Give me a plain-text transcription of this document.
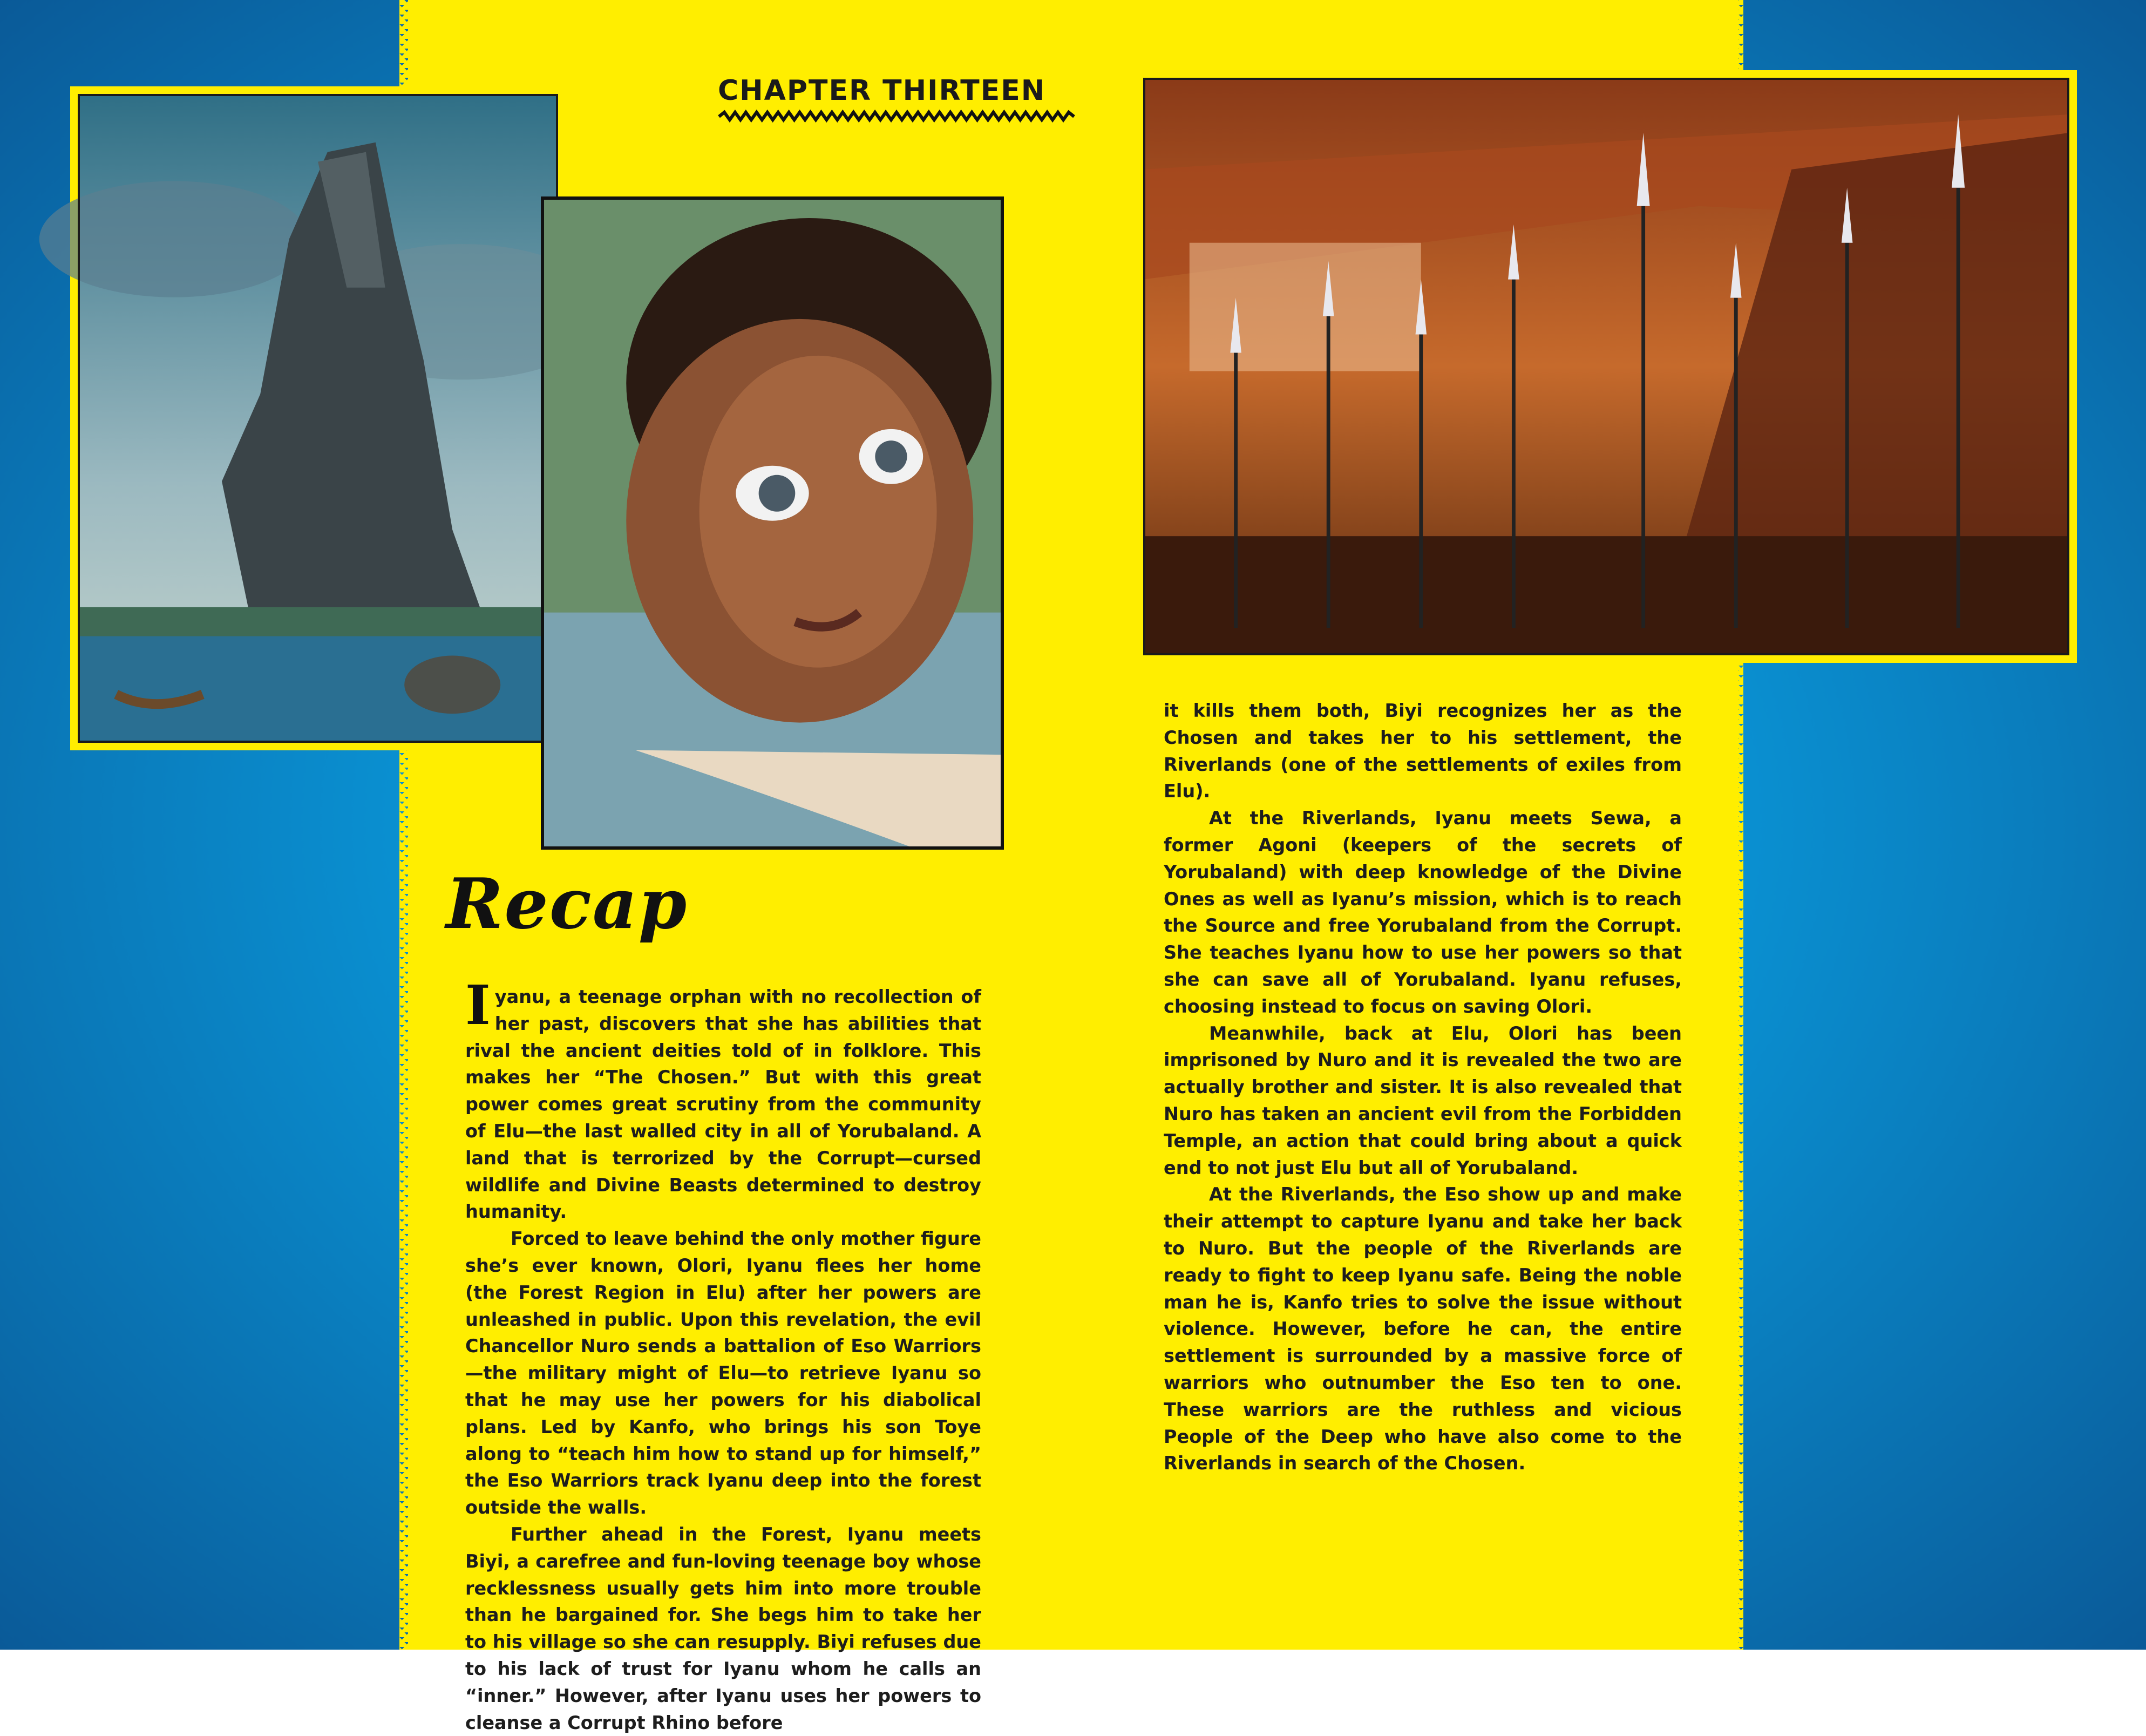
CHAPTER THIRTEEN
Recap

Iyanu, a teenage orphan with no recollection of her past, discovers that she has abilities that rival the ancient deities told of in folklore. This makes her “The Chosen.” But with this great power comes great scrutiny from the community of Elu—the last walled city in all of Yorubaland. A land that is terrorized by the Corrupt—cursed wildlife and Divine Beasts determined to destroy humanity.

Forced to leave behind the only mother figure she’s ever known, Olori, Iyanu flees her home (the Forest Region in Elu) after her powers are unleashed in public. Upon this revelation, the evil Chancellor Nuro sends a battalion of Eso Warriors—the military might of Elu—to retrieve Iyanu so that he may use her powers for his diabolical plans. Led by Kanfo, who brings his son Toye along to “teach him how to stand up for himself,” the Eso Warriors track Iyanu deep into the forest outside the walls.

Further ahead in the Forest, Iyanu meets Biyi, a carefree and fun-loving teenage boy whose recklessness usually gets him into more trouble than he bargained for. She begs him to take her to his village so she can resupply. Biyi refuses due to his lack of trust for Iyanu whom he calls an “inner.” However, after Iyanu uses her powers to cleanse a Corrupt Rhino before

it kills them both, Biyi recognizes her as the Chosen and takes her to his settlement, the Riverlands (one of the settlements of exiles from Elu).

At the Riverlands, Iyanu meets Sewa, a former Agoni (keepers of the secrets of Yorubaland) with deep knowledge of the Divine Ones as well as Iyanu’s mission, which is to reach the Source and free Yorubaland from the Corrupt. She teaches Iyanu how to use her powers so that she can save all of Yorubaland. Iyanu refuses, choosing instead to focus on saving Olori.

Meanwhile, back at Elu, Olori has been imprisoned by Nuro and it is revealed the two are actually brother and sister. It is also revealed that Nuro has taken an ancient evil from the Forbidden Temple, an action that could bring about a quick end to not just Elu but all of Yorubaland.

At the Riverlands, the Eso show up and make their attempt to capture Iyanu and take her back to Nuro. But the people of the Riverlands are ready to fight to keep Iyanu safe. Being the noble man he is, Kanfo tries to solve the issue without violence. However, before he can, the entire settlement is surrounded by a massive force of warriors who outnumber the Eso ten to one. These warriors are the ruthless and vicious People of the Deep who have also come to the Riverlands in search of the Chosen.
